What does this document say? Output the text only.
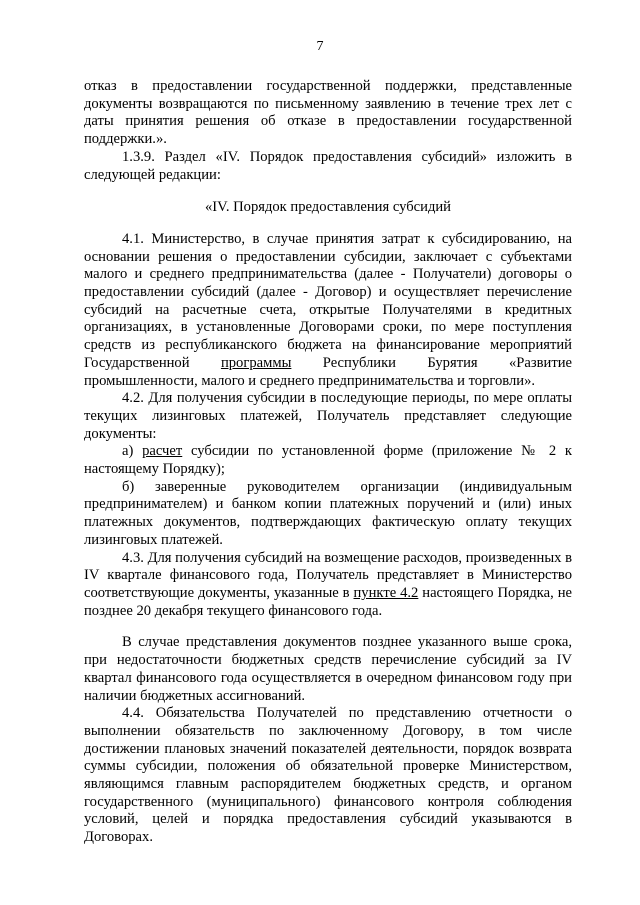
7

отказ в предоставлении государственной поддержки, представленные документы возвращаются по письменному заявлению в течение трех лет с даты принятия решения об отказе в предоставлении государственной поддержки.».

1.3.9. Раздел «IV. Порядок предоставления субсидий» изложить в следующей редакции:

«IV. Порядок предоставления субсидий

4.1. Министерство, в случае принятия затрат к субсидированию, на основании решения о предоставлении субсидии, заключает с субъектами малого и среднего предпринимательства (далее - Получатели) договоры о предоставлении субсидий (далее - Договор) и осуществляет перечисление субсидий на расчетные счета, открытые Получателями в кредитных организациях, в установленные Договорами сроки, по мере поступления средств из республиканского бюджета на финансирование мероприятий Государственной программы Республики Бурятия «Развитие промышленности, малого и среднего предпринимательства и торговли».

4.2. Для получения субсидии в последующие периоды, по мере оплаты текущих лизинговых платежей, Получатель представляет следующие документы:

а) расчет субсидии по установленной форме (приложение № 2 к настоящему Порядку);

б) заверенные руководителем организации (индивидуальным предпринимателем) и банком копии платежных поручений и (или) иных платежных документов, подтверждающих фактическую оплату текущих лизинговых платежей.

4.3. Для получения субсидий на возмещение расходов, произведенных в IV квартале финансового года, Получатель представляет в Министерство соответствующие документы, указанные в пункте 4.2 настоящего Порядка, не позднее 20 декабря текущего финансового года.

В случае представления документов позднее указанного выше срока, при недостаточности бюджетных средств перечисление субсидий за IV квартал финансового года осуществляется в очередном финансовом году при наличии бюджетных ассигнований.

4.4. Обязательства Получателей по представлению отчетности о выполнении обязательств по заключенному Договору, в том числе достижении плановых значений показателей деятельности, порядок возврата суммы субсидии, положения об обязательной проверке Министерством, являющимся главным распорядителем бюджетных средств, и органом государственного (муниципального) финансового контроля соблюдения условий, целей и порядка предоставления субсидий указываются в Договорах.
